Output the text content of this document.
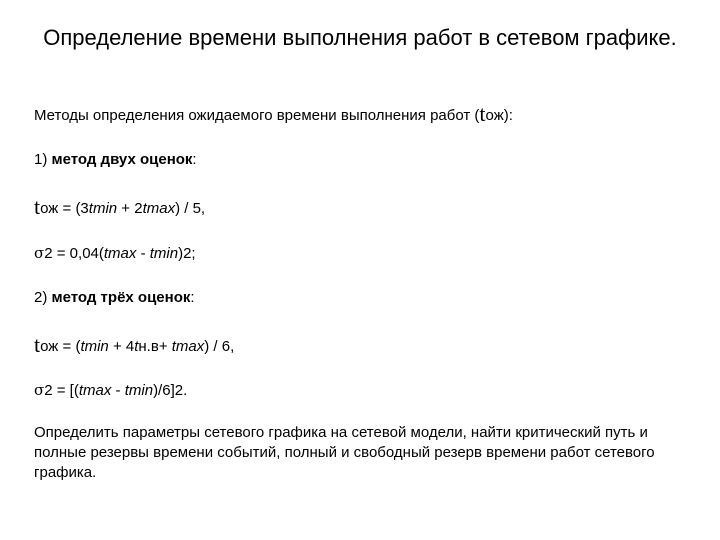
Определение времени выполнения работ в сетевом графике.
Методы определения ожидаемого времени выполнения работ (tож):
1) метод двух оценок:
tож = (3tmin + 2tmax) / 5,
σ2 = 0,04(tmax - tmin)2;
2) метод трёх оценок:
tож = (tmin + 4tн.в+ tmax) / 6,
σ2 = [(tmax - tmin)/6]2.
Определить параметры сетевого графика на сетевой модели, найти критический путь и полные резервы времени событий, полный и свободный резерв времени работ сетевого графика.
